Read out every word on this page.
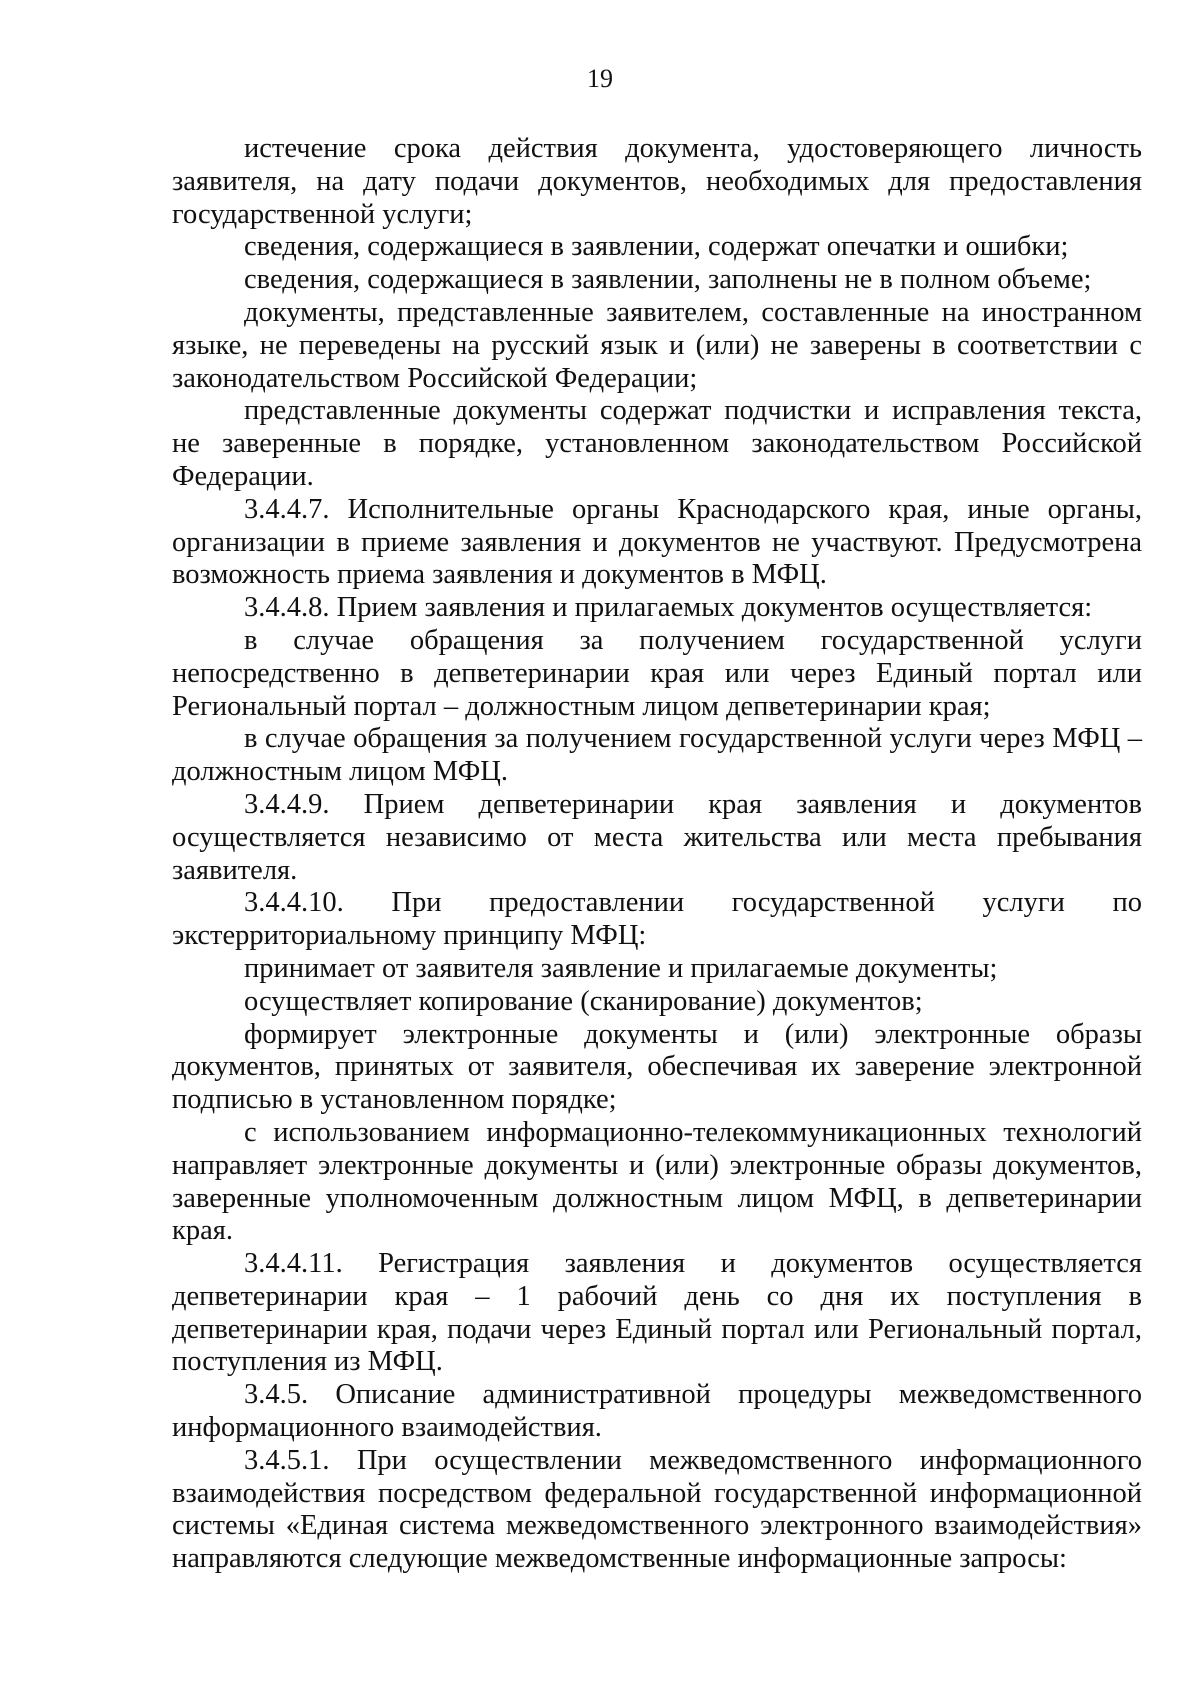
19

истечение срока действия документа, удостоверяющего личность заявителя, на дату подачи документов, необходимых для предоставления государственной услуги;

сведения, содержащиеся в заявлении, содержат опечатки и ошибки;

сведения, содержащиеся в заявлении, заполнены не в полном объеме;

документы, представленные заявителем, составленные на иностранном языке, не переведены на русский язык и (или) не заверены в соответствии с законодательством Российской Федерации;

представленные документы содержат подчистки и исправления текста, не заверенные в порядке, установленном законодательством Российской Федерации.

3.4.4.7. Исполнительные органы Краснодарского края, иные органы, организации в приеме заявления и документов не участвуют. Предусмотрена возможность приема заявления и документов в МФЦ.

3.4.4.8. Прием заявления и прилагаемых документов осуществляется:

в случае обращения за получением государственной услуги непосредственно в депветеринарии края или через Единый портал или Региональный портал – должностным лицом депветеринарии края;

в случае обращения за получением государственной услуги через МФЦ – должностным лицом МФЦ.

3.4.4.9. Прием депветеринарии края заявления и документов осуществляется независимо от места жительства или места пребывания заявителя.

3.4.4.10. При предоставлении государственной услуги по экстерриториальному принципу МФЦ:

принимает от заявителя заявление и прилагаемые документы;

осуществляет копирование (сканирование) документов;

формирует электронные документы и (или) электронные образы документов, принятых от заявителя, обеспечивая их заверение электронной подписью в установленном порядке;

с использованием информационно-телекоммуникационных технологий направляет электронные документы и (или) электронные образы документов, заверенные уполномоченным должностным лицом МФЦ, в депветеринарии края.

3.4.4.11. Регистрация заявления и документов осуществляется депветеринарии края – 1 рабочий день со дня их поступления в депветеринарии края, подачи через Единый портал или Региональный портал, поступления из МФЦ.

3.4.5. Описание административной процедуры межведомственного информационного взаимодействия.

3.4.5.1. При осуществлении межведомственного информационного взаимодействия посредством федеральной государственной информационной системы «Единая система межведомственного электронного взаимодействия» направляются следующие межведомственные информационные запросы:
